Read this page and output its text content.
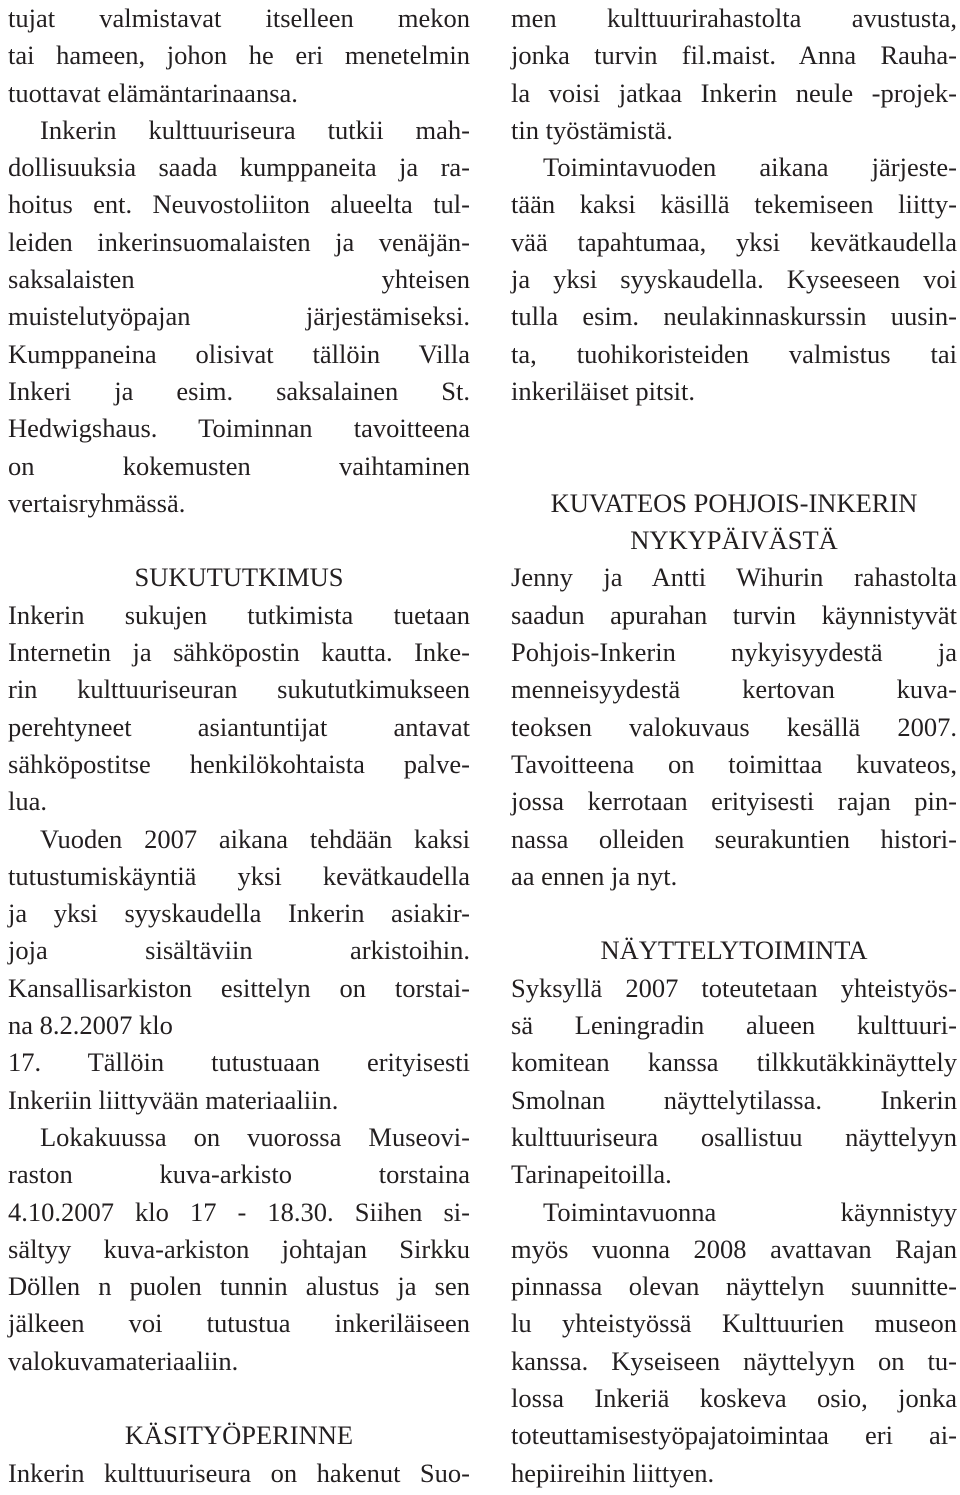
tujat valmistavat itselleen mekon
tai hameen, johon he eri menetelmin
tuottavat elämäntarinaansa.
Inkerin kulttuuriseura tutkii mah-
dollisuuksia saada kumppaneita ja ra-
hoitus ent. Neuvostoliiton alueelta tul-
leiden inkerinsuomalaisten ja venäjän-
saksalaisten yhteisen
muistelutyöpajan järjestämiseksi.
Kumppaneina olisivat tällöin Villa
Inkeri ja esim. saksalainen St.
Hedwigshaus. Toiminnan tavoitteena
on kokemusten vaihtaminen
vertaisryhmässä.
SUKUTUTKIMUS
Inkerin sukujen tutkimista tuetaan
Internetin ja sähköpostin kautta. Inke-
rin kulttuuriseuran sukututkimukseen
perehtyneet asiantuntijat antavat
sähköpostitse henkilökohtaista palve-
lua.
Vuoden 2007 aikana tehdään kaksi
tutustumiskäyntiä yksi kevätkaudella
ja yksi syyskaudella Inkerin asiakir-
joja sisältäviin arkistoihin.
Kansallisarkiston esittelyn on torstai-
na 8.2.2007 klo
17. Tällöin tutustuaan erityisesti
Inkeriin liittyvään materiaaliin.
Lokakuussa on vuorossa Museovi-
raston kuva-arkisto torstaina
4.10.2007 klo 17 - 18.30. Siihen si-
sältyy kuva-arkiston johtajan Sirkku
Döllen n puolen tunnin alustus ja sen
jälkeen voi tutustua inkeriläiseen
valokuvamateriaaliin.
KÄSITYÖPERINNE
Inkerin kulttuuriseura on hakenut Suo-
men kulttuurirahastolta avustusta,
jonka turvin fil.maist. Anna Rauha-
la voisi jatkaa Inkerin neule -projek-
tin työstämistä.
Toimintavuoden aikana järjeste-
tään kaksi käsillä tekemiseen liitty-
vää tapahtumaa, yksi kevätkaudella
ja yksi syyskaudella. Kyseeseen voi
tulla esim. neulakinnaskurssin uusin-
ta, tuohikoristeiden valmistus tai
inkeriläiset pitsit.
KUVATEOS POHJOIS-INKERIN
NYKYPÄIVÄSTÄ
Jenny ja Antti Wihurin rahastolta
saadun apurahan turvin käynnistyvät
Pohjois-Inkerin nykyisyydestä ja
menneisyydestä kertovan kuva-
teoksen valokuvaus kesällä 2007.
Tavoitteena on toimittaa kuvateos,
jossa kerrotaan erityisesti rajan pin-
nassa olleiden seurakuntien histori-
aa ennen ja nyt.
NÄYTTELYTOIMINTA
Syksyllä 2007 toteutetaan yhteistyös-
sä Leningradin alueen kulttuuri-
komitean kanssa tilkkutäkkinäyttely
Smolnan näyttelytilassa. Inkerin
kulttuuriseura osallistuu näyttelyyn
Tarinapeitoilla.
Toimintavuonna käynnistyy
myös vuonna 2008 avattavan Rajan
pinnassa olevan näyttelyn suunnitte-
lu yhteistyössä Kulttuurien museon
kanssa. Kyseiseen näyttelyyn on tu-
lossa Inkeriä koskeva osio, jonka
toteuttamisestyöpajatoimintaa eri ai-
hepiireihin liittyen.
